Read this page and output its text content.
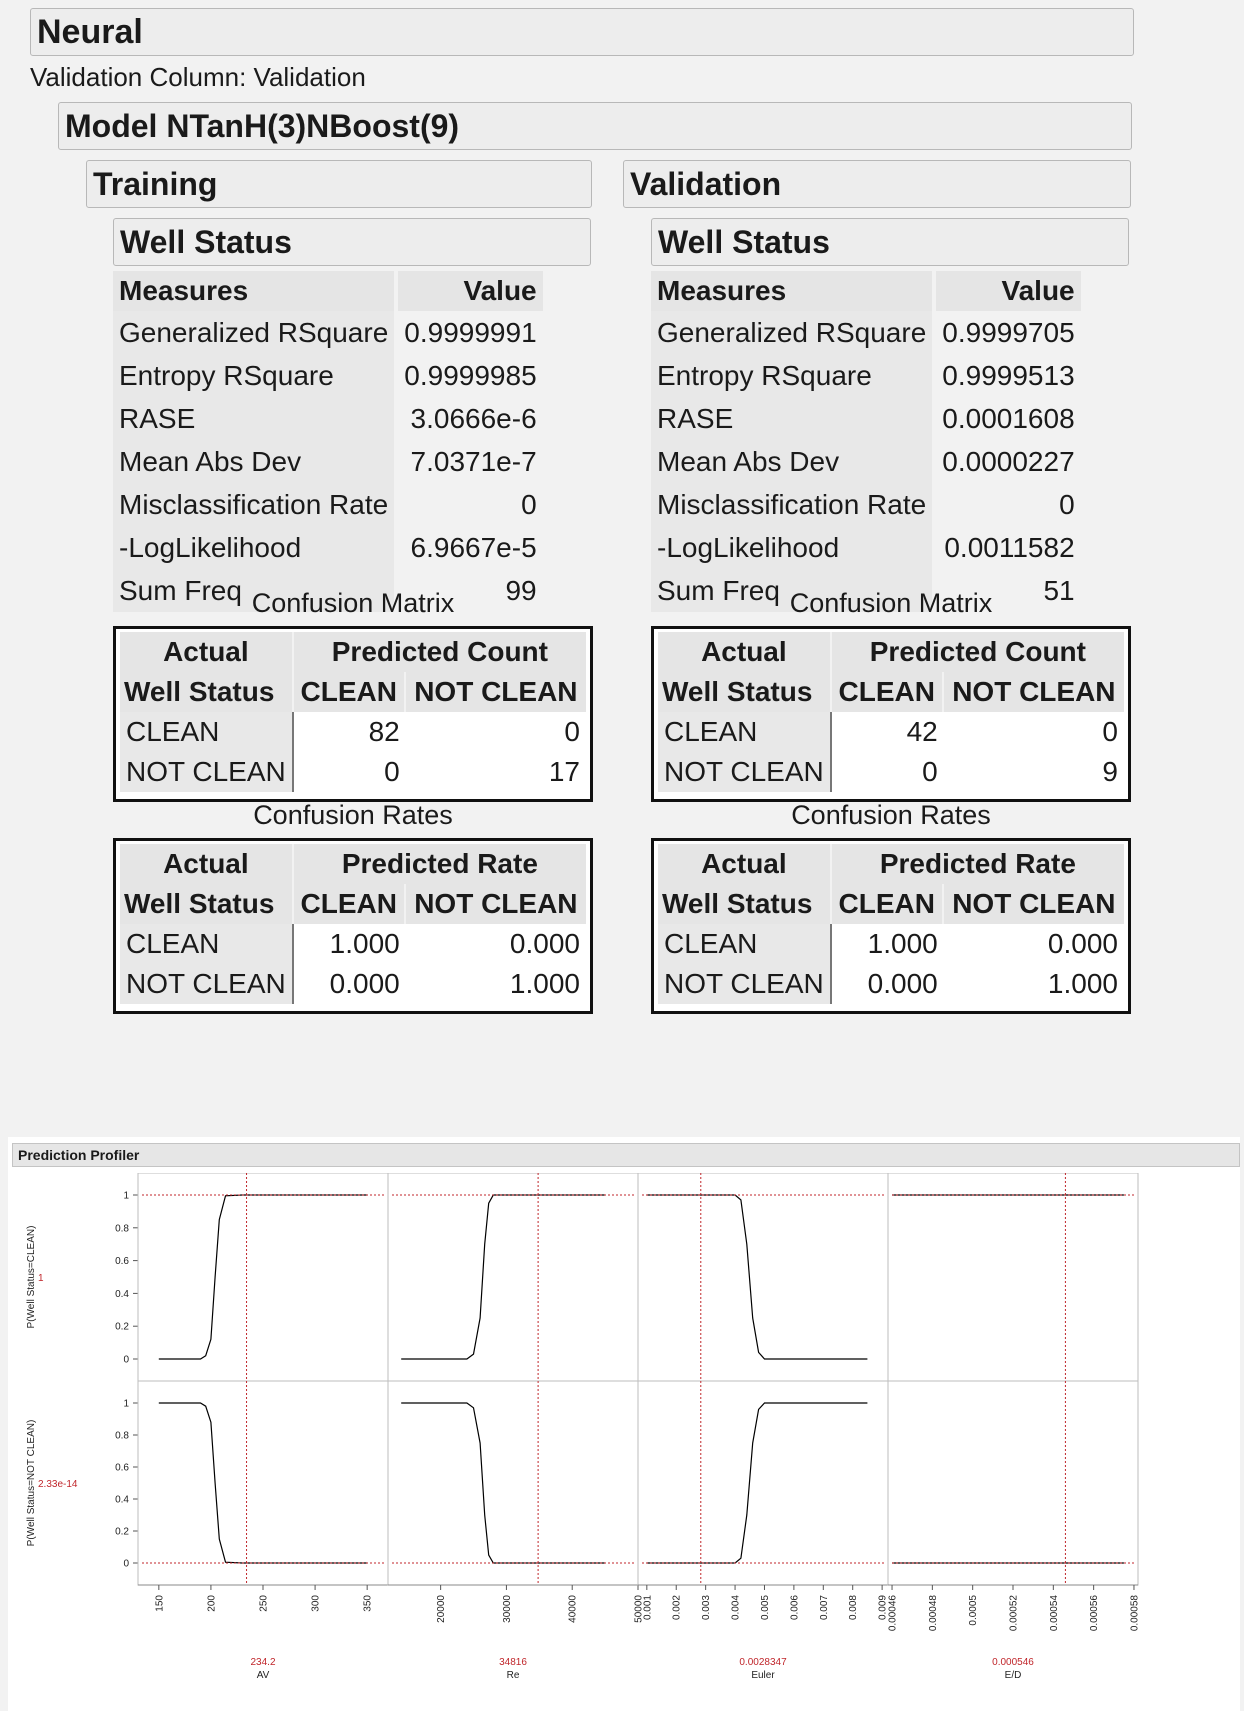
Neural
Validation Column: Validation
Model NTanH(3)NBoost(9)
Training	Validation
Well Status	Well Status
Measures	Value
Generalized RSquare	0.9999991
Entropy RSquare	0.9999985
RASE	3.0666e-6
Mean Abs Dev	7.0371e-7
Misclassification Rate	0
-LogLikelihood	6.9667e-5
Sum Freq	99
Measures	Value
Generalized RSquare	0.9999705
Entropy RSquare	0.9999513
RASE	0.0001608
Mean Abs Dev	0.0000227
Misclassification Rate	0
-LogLikelihood	0.0011582
Sum Freq	51
Confusion Matrix
Actual	Predicted Count	
Well Status	CLEAN	NOT CLEAN
CLEAN	82	0
NOT CLEAN	0	17
Confusion Matrix
Actual	Predicted Count	
Well Status	CLEAN	NOT CLEAN
CLEAN	42	0
NOT CLEAN	0	9
Confusion Rates
Actual	Predicted Rate	
Well Status	CLEAN	NOT CLEAN
CLEAN	1.000	0.000
NOT CLEAN	0.000	1.000
Confusion Rates
Actual	Predicted Rate	
Well Status	CLEAN	NOT CLEAN
CLEAN	1.000	0.000
NOT CLEAN	0.000	1.000
Prediction Profiler
P(Well Status=CLEAN) 1
0
0.2
0.4
0.6
0.8
1
P(Well Status=NOT CLEAN) 2.33e-14
0
0.2
0.4
0.6
0.8
1
150	200	250	300	350
234.2
AV
20000	30000	40000	50000
34816
Re
0.001 0.002 0.003 0.004 0.005 0.006 0.007 0.008 0.009
0.0028347
Euler
0.00046	0.00048	0.0005	0.00052	0.00054	0.00056	0.00058
0.000546
E/D
